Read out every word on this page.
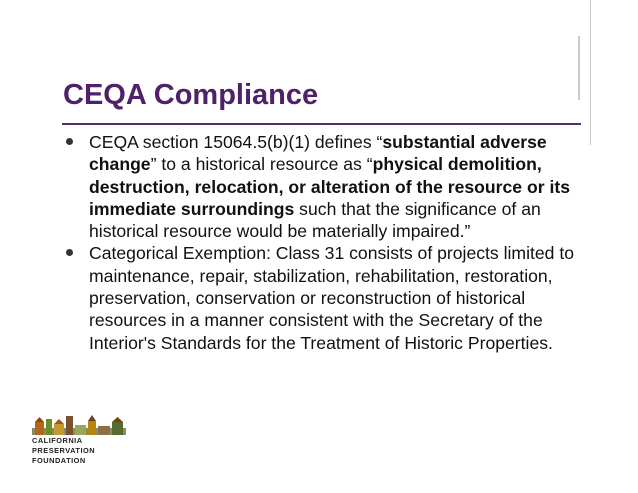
CEQA Compliance
CEQA section 15064.5(b)(1) defines “substantial adverse change” to a historical resource as “physical demolition, destruction, relocation, or alteration of the resource or its immediate surroundings such that the significance of an historical resource would be materially impaired.”
Categorical Exemption: Class 31 consists of projects limited to maintenance, repair, stabilization, rehabilitation, restoration, preservation, conservation or reconstruction of historical resources in a manner consistent with the Secretary of the Interior's Standards for the Treatment of Historic Properties.
CALIFORNIA
PRESERVATION
FOUNDATION
